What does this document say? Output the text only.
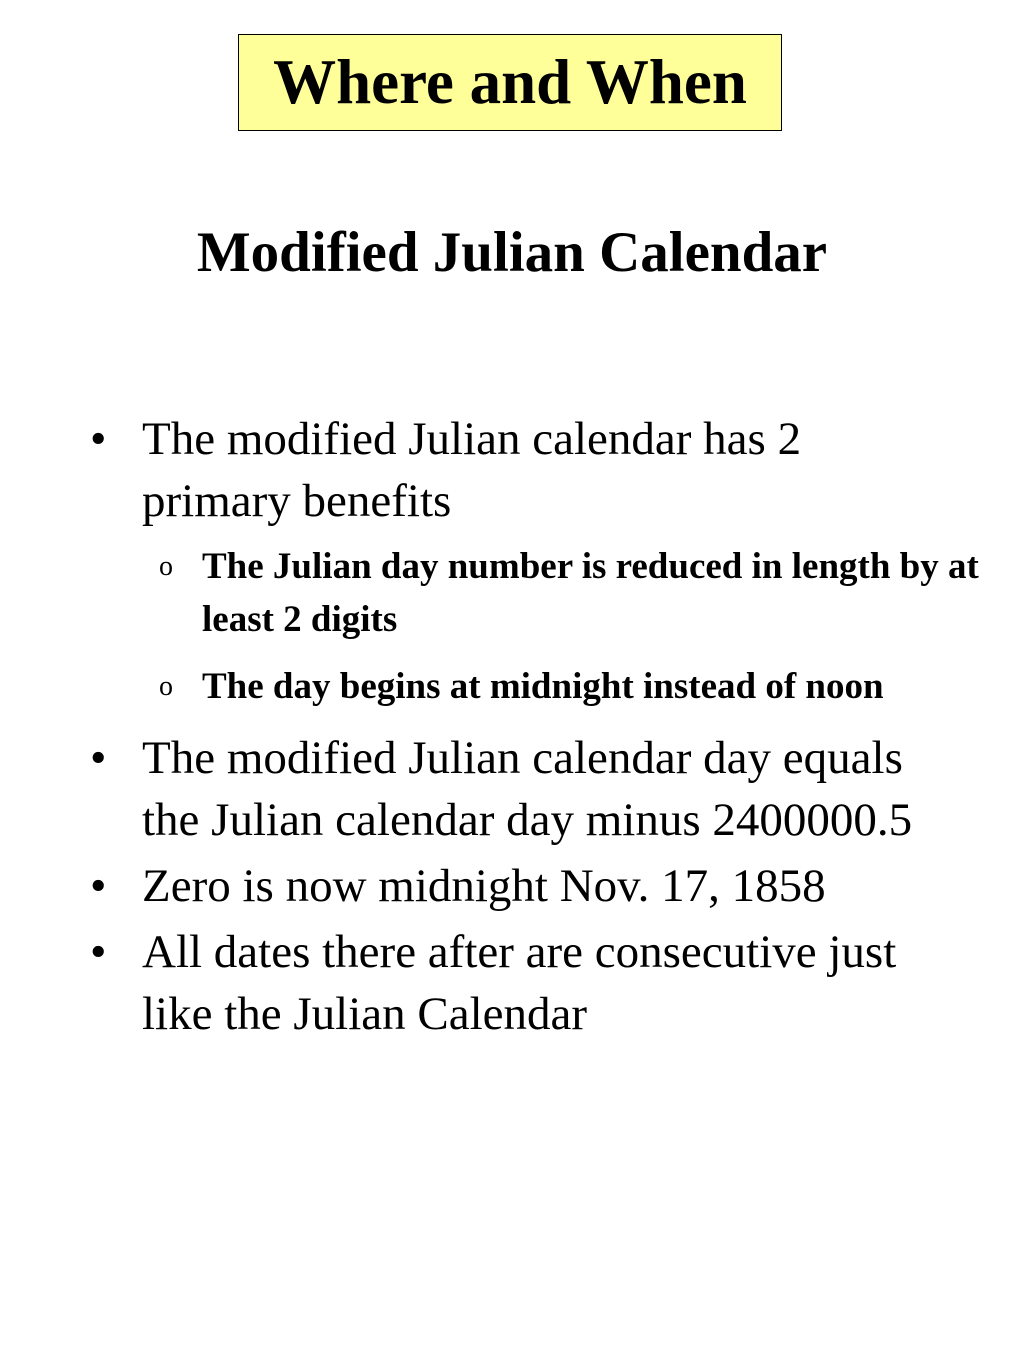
Where and When
Modified Julian Calendar
• The modified Julian calendar has 2 primary benefits
o The Julian day number is reduced in length by at least 2 digits
o The day begins at midnight instead of noon
• The modified Julian calendar day equals the Julian calendar day minus 2400000.5
• Zero is now midnight Nov. 17, 1858
• All dates there after are consecutive just like the Julian Calendar
